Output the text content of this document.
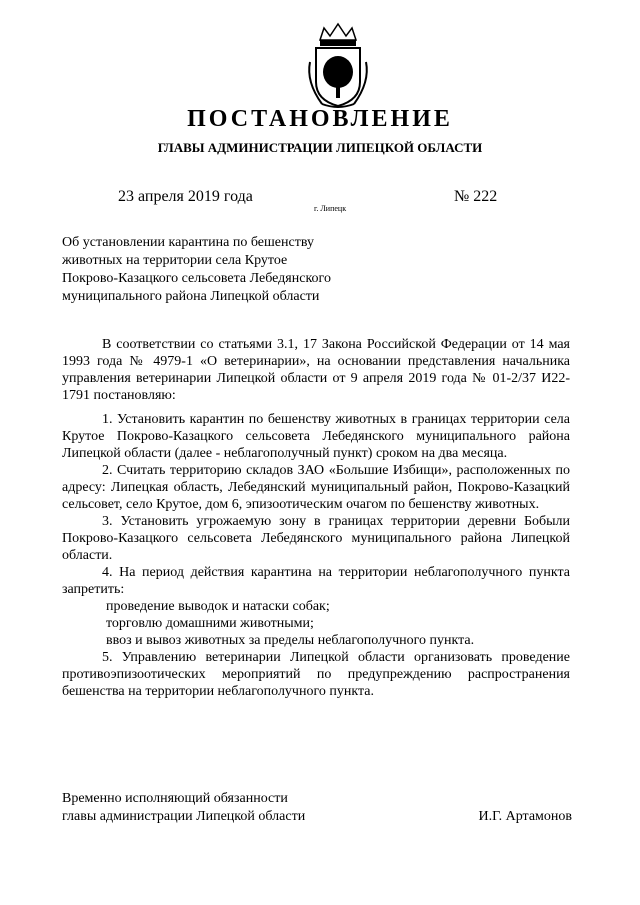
ПОСТАНОВЛЕНИЕ
ГЛАВЫ АДМИНИСТРАЦИИ ЛИПЕЦКОЙ ОБЛАСТИ
23 апреля 2019 года
г. Липецк
№ 222
Об установлении карантина по бешенству
животных на территории села Крутое
Покрово-Казацкого сельсовета Лебедянского
муниципального района Липецкой области

В соответствии со статьями 3.1, 17 Закона Российской Федерации от 14 мая 1993 года № 4979-1 «О ветеринарии», на основании представления начальника управления ветеринарии Липецкой области от 9 апреля 2019 года № 01-2/37 И22-1791 постановляю:

1. Установить карантин по бешенству животных в границах территории села Крутое Покрово-Казацкого сельсовета Лебедянского муниципального района Липецкой области (далее - неблагополучный пункт) сроком на два месяца.

2. Считать территорию складов ЗАО «Большие Избищи», расположенных по адресу: Липецкая область, Лебедянский муниципальный район, Покрово-Казацкий сельсовет, село Крутое, дом 6, эпизоотическим очагом по бешенству животных.

3. Установить угрожаемую зону в границах территории деревни Бобыли Покрово-Казацкого сельсовета Лебедянского муниципального района Липецкой области.

4. На период действия карантина на территории неблагополучного пункта запретить:

проведение выводок и натаски собак;

торговлю домашними животными;

ввоз и вывоз животных за пределы неблагополучного пункта.

5. Управлению ветеринарии Липецкой области организовать проведение противоэпизоотических мероприятий по предупреждению распространения бешенства на территории неблагополучного пункта.

Временно исполняющий обязанности
главы администрации Липецкой области	И.Г. Артамонов
